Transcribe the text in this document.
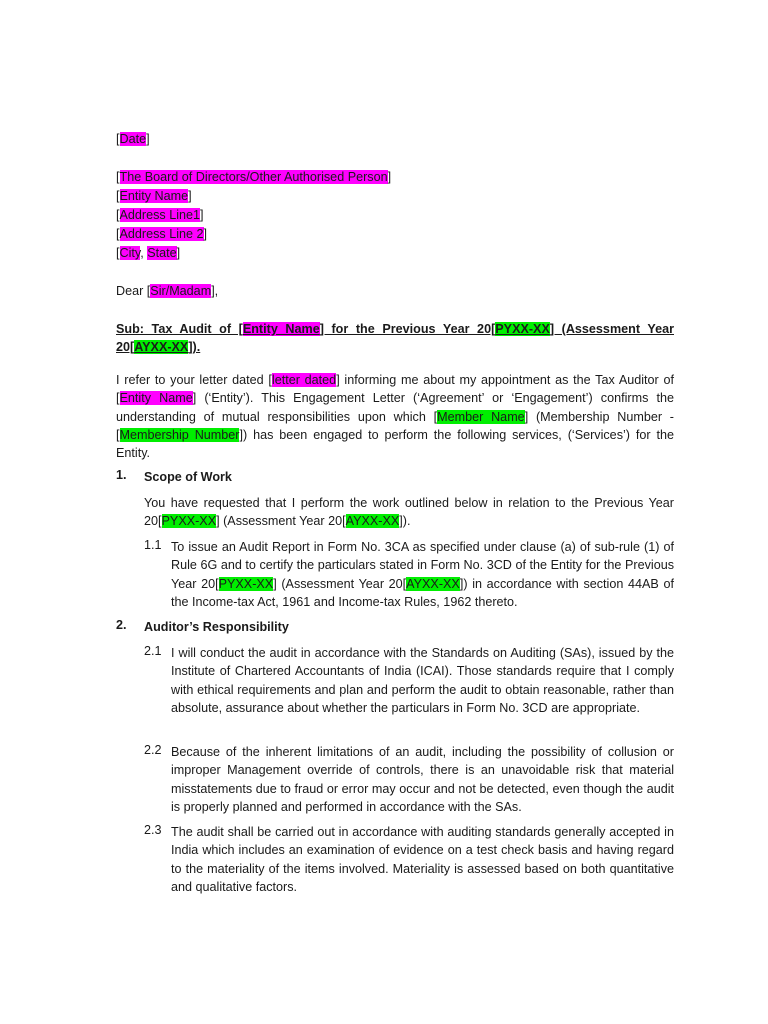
[Date]
[The Board of Directors/Other Authorised Person]
[Entity Name]
[Address Line1]
[Address Line 2]
[City, State]
Dear [Sir/Madam],
Sub: Tax Audit of [Entity Name] for the Previous Year 20[PYXX-XX] (Assessment Year 20[AYXX-XX]).
I refer to your letter dated [letter dated] informing me about my appointment as the Tax Auditor of [Entity Name] (‘Entity’). This Engagement Letter (‘Agreement’ or ‘Engagement’) confirms the understanding of mutual responsibilities upon which [Member Name] (Membership Number - [Membership Number]) has been engaged to perform the following services, (‘Services’) for the Entity.
1. Scope of Work
You have requested that I perform the work outlined below in relation to the Previous Year 20[PYXX-XX] (Assessment Year 20[AYXX-XX]).
1.1 To issue an Audit Report in Form No. 3CA as specified under clause (a) of sub-rule (1) of Rule 6G and to certify the particulars stated in Form No. 3CD of the Entity for the Previous Year 20[PYXX-XX] (Assessment Year 20[AYXX-XX]) in accordance with section 44AB of the Income-tax Act, 1961 and Income-tax Rules, 1962 thereto.
2. Auditor’s Responsibility
2.1 I will conduct the audit in accordance with the Standards on Auditing (SAs), issued by the Institute of Chartered Accountants of India (ICAI). Those standards require that I comply with ethical requirements and plan and perform the audit to obtain reasonable, rather than absolute, assurance about whether the particulars in Form No. 3CD are appropriate.
2.2 Because of the inherent limitations of an audit, including the possibility of collusion or improper Management override of controls, there is an unavoidable risk that material misstatements due to fraud or error may occur and not be detected, even though the audit is properly planned and performed in accordance with the SAs.
2.3 The audit shall be carried out in accordance with auditing standards generally accepted in India which includes an examination of evidence on a test check basis and having regard to the materiality of the items involved. Materiality is assessed based on both quantitative and qualitative factors.
